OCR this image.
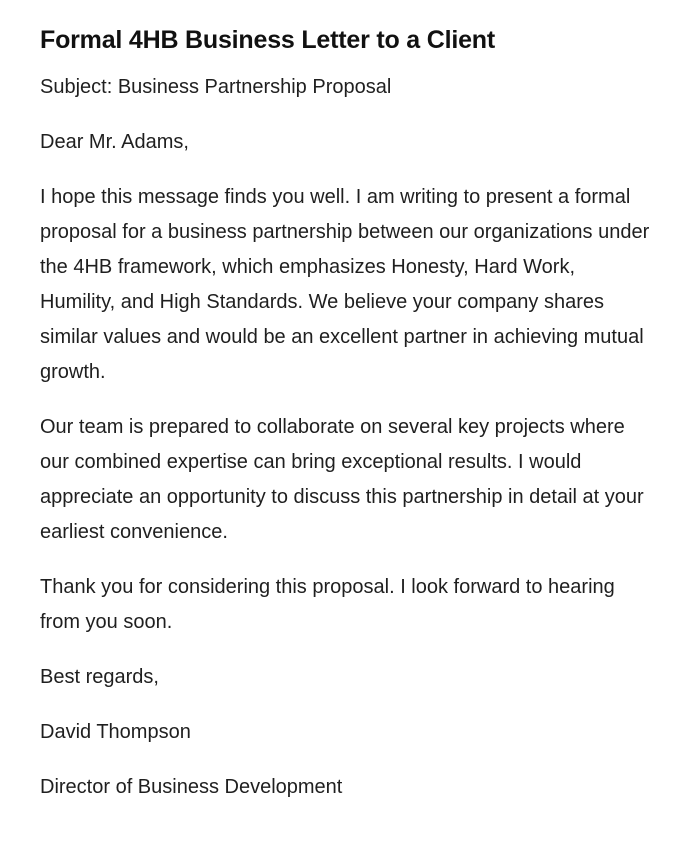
Formal 4HB Business Letter to a Client

Subject: Business Partnership Proposal

Dear Mr. Adams,

I hope this message finds you well. I am writing to present a formal proposal for a business partnership between our organizations under the 4HB framework, which emphasizes Honesty, Hard Work, Humility, and High Standards. We believe your company shares similar values and would be an excellent partner in achieving mutual growth.

Our team is prepared to collaborate on several key projects where our combined expertise can bring exceptional results. I would appreciate an opportunity to discuss this partnership in detail at your earliest convenience.

Thank you for considering this proposal. I look forward to hearing from you soon.

Best regards,

David Thompson

Director of Business Development
